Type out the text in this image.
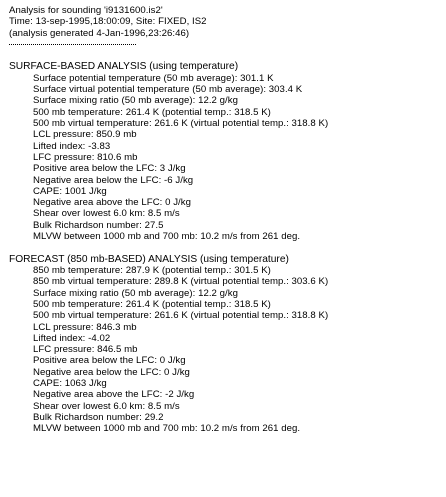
Analysis for sounding 'i9131600.is2'
Time: 13-sep-1995,18:00:09, Site: FIXED, IS2
(analysis generated 4-Jan-1996,23:26:46)
SURFACE-BASED ANALYSIS (using temperature)
Surface potential temperature (50 mb average): 301.1 K
Surface virtual potential temperature (50 mb average): 303.4 K
Surface mixing ratio (50 mb average): 12.2 g/kg
500 mb temperature: 261.4 K (potential temp.: 318.5 K)
500 mb virtual temperature: 261.6 K (virtual potential temp.: 318.8 K)
LCL pressure: 850.9 mb
Lifted index: -3.83
LFC pressure: 810.6 mb
Positive area below the LFC: 3 J/kg
Negative area below the LFC: -6 J/kg
CAPE: 1001 J/kg
Negative area above the LFC: 0 J/kg
Shear over lowest 6.0 km: 8.5 m/s
Bulk Richardson number: 27.5
MLVW between 1000 mb and 700 mb: 10.2 m/s from 261 deg.
FORECAST (850 mb-BASED) ANALYSIS (using temperature)
850 mb temperature: 287.9 K (potential temp.: 301.5 K)
850 mb virtual temperature: 289.8 K (virtual potential temp.: 303.6 K)
Surface mixing ratio (50 mb average): 12.2 g/kg
500 mb temperature: 261.4 K (potential temp.: 318.5 K)
500 mb virtual temperature: 261.6 K (virtual potential temp.: 318.8 K)
LCL pressure: 846.3 mb
Lifted index: -4.02
LFC pressure: 846.5 mb
Positive area below the LFC: 0 J/kg
Negative area below the LFC: 0 J/kg
CAPE: 1063 J/kg
Negative area above the LFC: -2 J/kg
Shear over lowest 6.0 km: 8.5 m/s
Bulk Richardson number: 29.2
MLVW between 1000 mb and 700 mb: 10.2 m/s from 261 deg.
